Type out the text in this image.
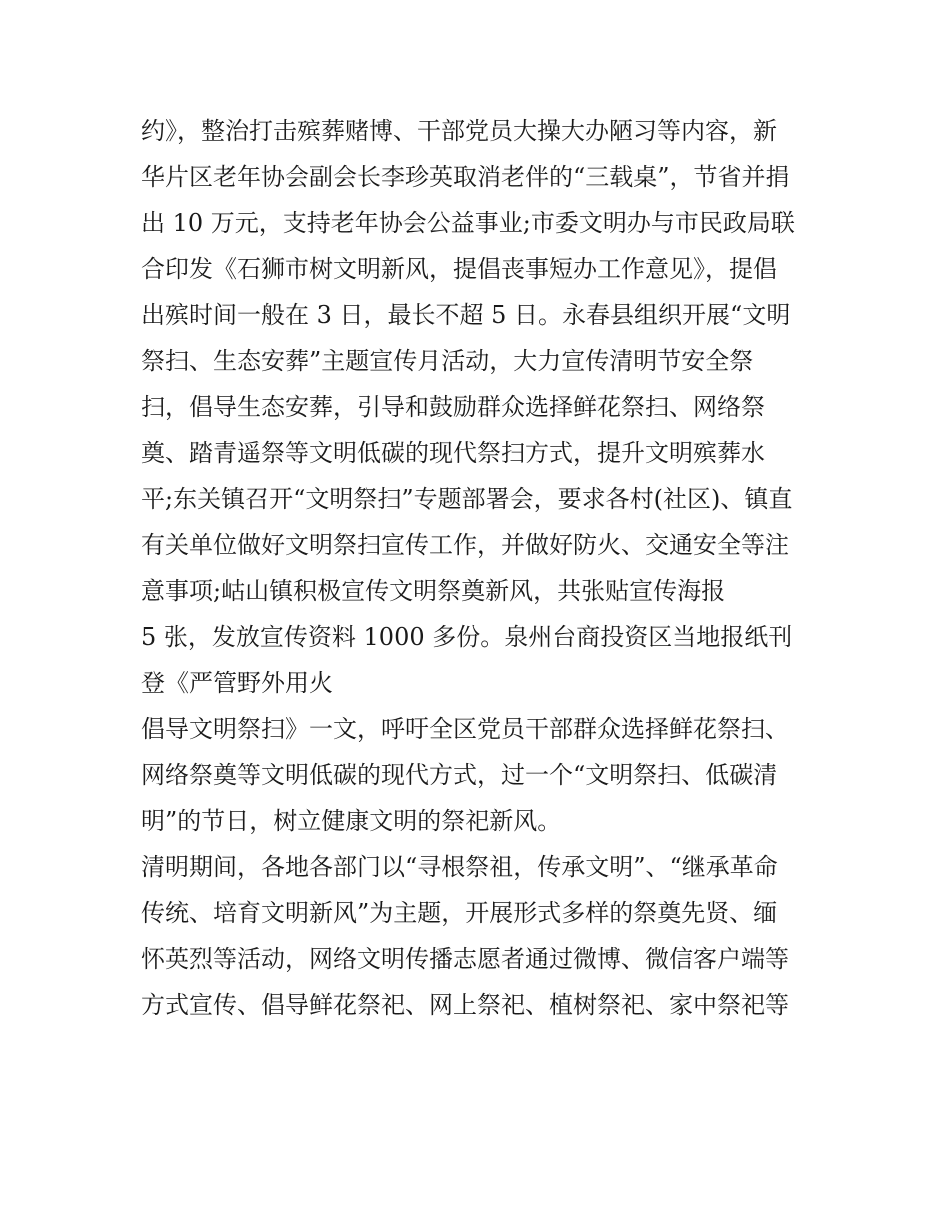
约》，整治打击殡葬赌博、干部党员大操大办陋习等内容，新
华片区老年协会副会长李珍英取消老伴的“三载桌”，节省并捐
出 10 万元，支持老年协会公益事业;市委文明办与市民政局联
合印发《石狮市树文明新风，提倡丧事短办工作意见》，提倡
出殡时间一般在 3 日，最长不超 5 日。永春县组织开展“文明
祭扫、生态安葬”主题宣传月活动，大力宣传清明节安全祭
扫，倡导生态安葬，引导和鼓励群众选择鲜花祭扫、网络祭
奠、踏青遥祭等文明低碳的现代祭扫方式，提升文明殡葬水
平;东关镇召开“文明祭扫”专题部署会，要求各村(社区)、镇直
有关单位做好文明祭扫宣传工作，并做好防火、交通安全等注
意事项;岵山镇积极宣传文明祭奠新风，共张贴宣传海报
5 张，发放宣传资料 1000 多份。泉州台商投资区当地报纸刊
登《严管野外用火
倡导文明祭扫》一文，呼吁全区党员干部群众选择鲜花祭扫、
网络祭奠等文明低碳的现代方式，过一个“文明祭扫、低碳清
明”的节日，树立健康文明的祭祀新风。
清明期间，各地各部门以“寻根祭祖，传承文明”、“继承革命
传统、培育文明新风”为主题，开展形式多样的祭奠先贤、缅
怀英烈等活动，网络文明传播志愿者通过微博、微信客户端等
方式宣传、倡导鲜花祭祀、网上祭祀、植树祭祀、家中祭祀等
